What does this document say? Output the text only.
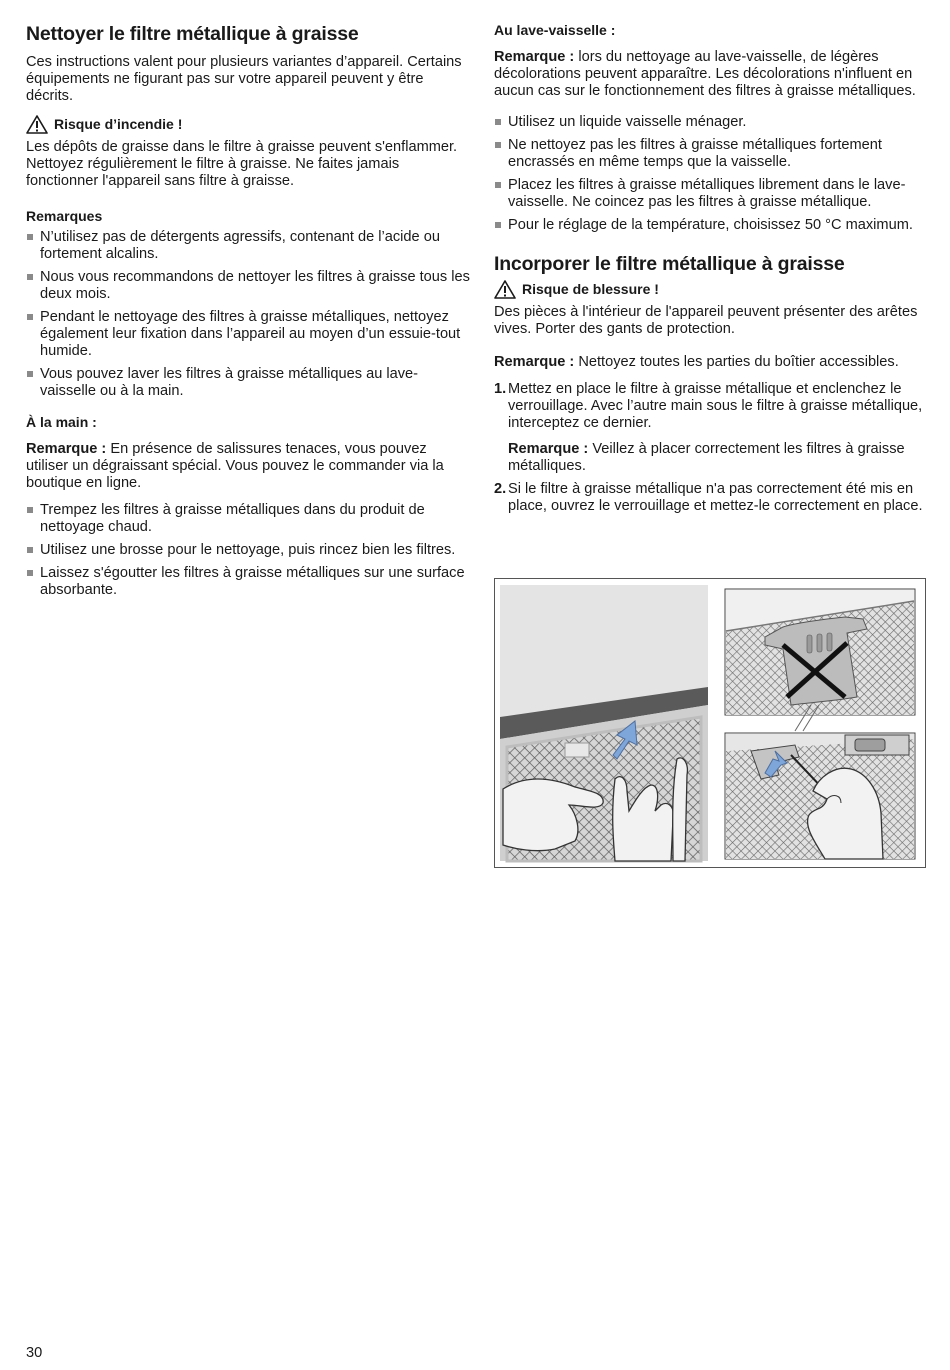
Nettoyer le filtre métallique à graisse

Ces instructions valent pour plusieurs variantes d’appareil. Certains équipements ne figurant pas sur votre appareil peuvent y être décrits.

Risque d’incendie !

Les dépôts de graisse dans le filtre à graisse peuvent s'enflammer. Nettoyez régulièrement le filtre à graisse. Ne faites jamais fonctionner l'appareil sans filtre à graisse.

Remarques
N’utilisez pas de détergents agressifs, contenant de l’acide ou fortement alcalins.
Nous vous recommandons de nettoyer les filtres à graisse tous les deux mois.
Pendant le nettoyage des filtres à graisse métalliques, nettoyez également leur fixation dans l’appareil au moyen d’un essuie-tout humide.
Vous pouvez laver les filtres à graisse métalliques au lave-vaisselle ou à la main.
À la main :

Remarque : En présence de salissures tenaces, vous pouvez utiliser un dégraissant spécial. Vous pouvez le commander via la boutique en ligne.

Trempez les filtres à graisse métalliques dans du produit de nettoyage chaud.
Utilisez une brosse pour le nettoyage, puis rincez bien les filtres.
Laissez s'égoutter les filtres à graisse métalliques sur une surface absorbante.
Au lave-vaisselle :

Remarque : lors du nettoyage au lave-vaisselle, de légères décolorations peuvent apparaître. Les décolorations n'influent en aucun cas sur le fonctionnement des filtres à graisse métalliques.

Utilisez un liquide vaisselle ménager.
Ne nettoyez pas les filtres à graisse métalliques fortement encrassés en même temps que la vaisselle.
Placez les filtres à graisse métalliques librement dans le lave-vaisselle. Ne coincez pas les filtres à graisse métallique.
Pour le réglage de la température, choisissez 50 °C maximum.
Incorporer le filtre métallique à graisse
Risque de blessure !

Des pièces à l'intérieur de l'appareil peuvent présenter des arêtes vives. Porter des gants de protection.

Remarque : Nettoyez toutes les parties du boîtier accessibles.

1. Mettez en place le filtre à graisse métallique et enclenchez le verrouillage. Avec l’autre main sous le filtre à graisse métallique, interceptez ce dernier.
Remarque : Veillez à placer correctement les filtres à graisse métalliques.
2. Si le filtre à graisse métallique n'a pas correctement été mis en place, ouvrez le verrouillage et mettez-le correctement en place.
30
